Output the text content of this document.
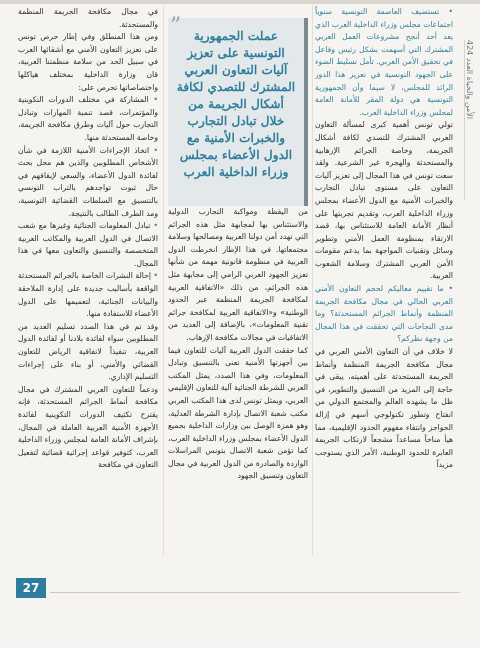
الأمن والحياة العدد 424

• تستضيف العاصمة التونسية سنوياً اجتماعات مجلس وزراء الداخلية العرب الذي يعد أحد أنجح مشروعات العمل العربي المشترك التي أسهمت بشكل رئيس وفاعل في تحقيق الأمن العربي. تأمل تسليط الضوء على الجهود التونسية في تعزيز هذا الدور الرائد للمجلس، لا سيما وأن الجمهورية التونسية هي دولة المقر للأمانة العامة لمجلس وزراء الداخلية العرب.

تولي تونس أهمية كبرى لمسألة التعاون العربي المشترك للتصدي لكافة أشكال الجريمة، وخاصة الجرائم الإرهابية والمستحدثة والهجرة غير الشرعية. ولقد سعت تونس في هذا المجال إلى تعزيز آليات التعاون على مستوى تبادل التجارب والخبرات الأمنية مع الدول الأعضاء بمجلس وزراء الداخلية العرب، وتقديم تجربتها على أنظار الأمانة العامة للاستئناس بها، قصد الارتقاء بمنظومة العمل الأمني وتطوير وسائل وتقنيات المواجهة بما يدعم مقومات الأمن العربي المشترك وسلامة الشعوب العربية.

• ما تقييم معاليكم لحجم التعاون الأمني العربي الحالي في مجال مكافحة الجريمة المنظمة وأنماط الجرائم المستحدثة؟ وما مدى النجاحات التي تحققت في هذا المجال من وجهة نظركم؟

لا خلاف في أن التعاون الأمني العربي في مجال مكافحة الجريمة المنظمة وأنماط الجريمة المستحدثة على أهميته، يبقى في حاجة إلى المزيد من التنسيق والتطوير، في ظل ما يشهده العالم والمجتمع الدولي من انفتاح وتطور تكنولوجي أسهم في إزالة الحواجز وانتفاء مفهوم الحدود الإقليمية، مما هيأ مناخاً مساعداً مشجعاً لارتكاب الجريمة العابرة للحدود الوطنية، الأمر الذي يستوجب مزيداً

”	عملت الجمهورية التونسية على تعزيز آليات التعاون العربي المشترك للتصدي لكافة أشكال الجريمة من خلال تبادل التجارب والخبرات الأمنية مع الدول الأعضاء بمجلس وزراء الداخلية العرب

من اليقظة ومواكبة التجارب الدولية والاستئناس بها لمجابهة مثل هذه الجرائم التي تهدد أمن دولنا العربية ومصالحها وسلامة مجتمعاتها. في هذا الإطار انخرطت الدول العربية في منظومة قانونية مهمة من شأنها تعزيز الجهود العربي الرامي إلى مجابهة مثل هذه الجرائم، من ذلك «الاتفاقية العربية لمكافحة الجريمة المنظمة عبر الحدود الوطنية» و«الاتفاقية العربية لمكافحة جرائم تقنية المعلومات»، بالإضافة إلى العديد من الاتفاقيات في مجالات مكافحة الإرهاب.

كما حققت الدول العربية آليات للتعاون فيما بين أجهزتها الأمنية تعنى بالتنسيق وتبادل المعلومات، وفي هذا الصدد، يمثل المكتب العربي للشرطة الجنائية آلية للتعاون الإقليمي العربي، ويمثل تونس لدى هذا المكتب العربي مكتب شعبة الاتصال بإدارة الشرطة العدلية، وهو همزة الوصل بين وزارات الداخلية بجميع الدول الأعضاء بمجلس وزراء الداخلية العرب، كما تؤمن شعبة الاتصال بتونس المراسلات الواردة والصادرة من الدول العربية في مجال التعاون وتنسيق الجهود

في مجال مكافحة الجريمة المنظمة والمستحدثة.

ومن هذا المنطلق وفي إطار حرص تونس على تعزيز التعاون الأمني مع أشقائها العرب في سبيل الحد من سلامة منظمتنا العربية، قان وزارة الداخلية بمختلف هياكلها واختصاصاتها تحرص على:

• المشاركة في مختلف الدورات التكوينية والمؤتمرات، قصد تنمية المهارات وتبادل التجارب حول آليات وطرق مكافحة الجريمة، وخاصة المستحدثة منها.

• اتخاذ الإجراءات الأمنية اللازمة في شأن الأشخاص المطلوبين والذين هم محل بحث لفائدة الدول الأعضاء، والسعي لإيقافهم في حال ثبوت تواجدهم بالتراب التونسي بالتنسيق مع السلطات القضائية التونسية، ومد الطرف الطالب بالنتيجة.

• تبادل المعلومات الجنائية وغيرها مع شعب الاتصال في الدول العربية والمكاتب العربية المتخصصة والتنسيق والتعاون معها في هذا المجال.

• إحالة النشرات الخاصة بالجرائم المستحدثة الواقعة بأساليب جديدة على إدارة الملاحقة والبيانات الجنائية، لتعميمها على الدول الأعضاء للاستفادة منها.

وقد تم في هذا الصدد تسليم العديد من المطلوبين سواء لفائدة بلادنا أو لفائدة الدول العربية، تنفيذاً لاتفاقية الرياض للتعاون القضائي والأمني، أو بناء على إجراءات التسليم الإداري.

ودعماً للتعاون العربي المشترك في مجال مكافحة أنماط الجرائم المستحدثة، فإنه يقترح تكثيف الدورات التكوينية لفائدة الأجهزة الأمنية العربية العاملة في المجال، بإشراف الأمانة العامة لمجلس وزراء الداخلية العرب، كتوفير قواعد إجرائية قضائية لتفعيل التعاون في مكافحة

27
